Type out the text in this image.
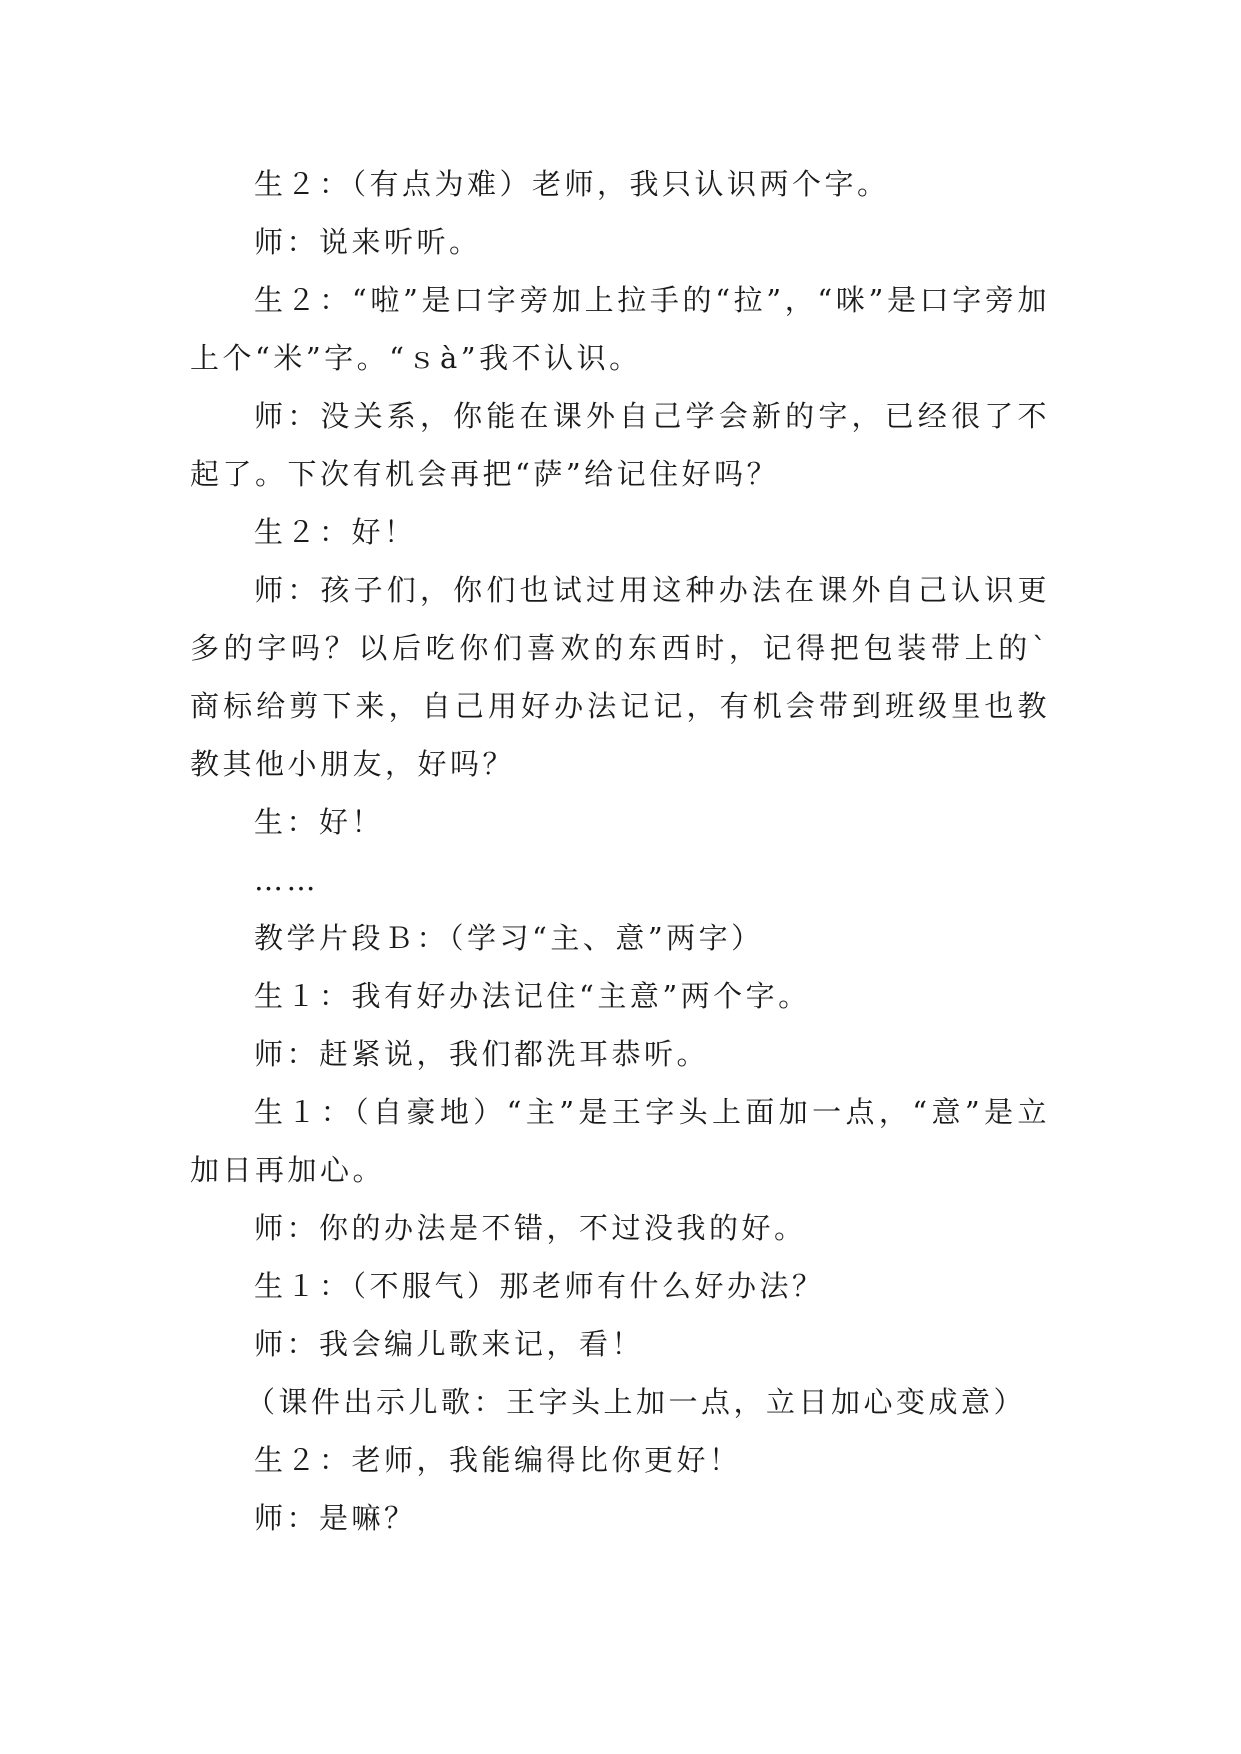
生２：（有点为难）老师，我只认识两个字。

师：说来听听。

生２：“啦”是口字旁加上拉手的“拉”，“咪”是口字旁加上个“米”字。“ｓà”我不认识。

师：没关系，你能在课外自己学会新的字，已经很了不起了。下次有机会再把“萨”给记住好吗？

生２：好！

师：孩子们，你们也试过用这种办法在课外自己认识更多的字吗？以后吃你们喜欢的东西时，记得把包装带上的`商标给剪下来，自己用好办法记记，有机会带到班级里也教教其他小朋友，好吗？

生：好！

……

教学片段Ｂ：（学习“主、意”两字）

生１：我有好办法记住“主意”两个字。

师：赶紧说，我们都洗耳恭听。

生１：（自豪地）“主”是王字头上面加一点，“意”是立加日再加心。

师：你的办法是不错，不过没我的好。

生１：（不服气）那老师有什么好办法？

师：我会编儿歌来记，看！

（课件出示儿歌：王字头上加一点，立日加心变成意）

生２：老师，我能编得比你更好！

师：是嘛？
